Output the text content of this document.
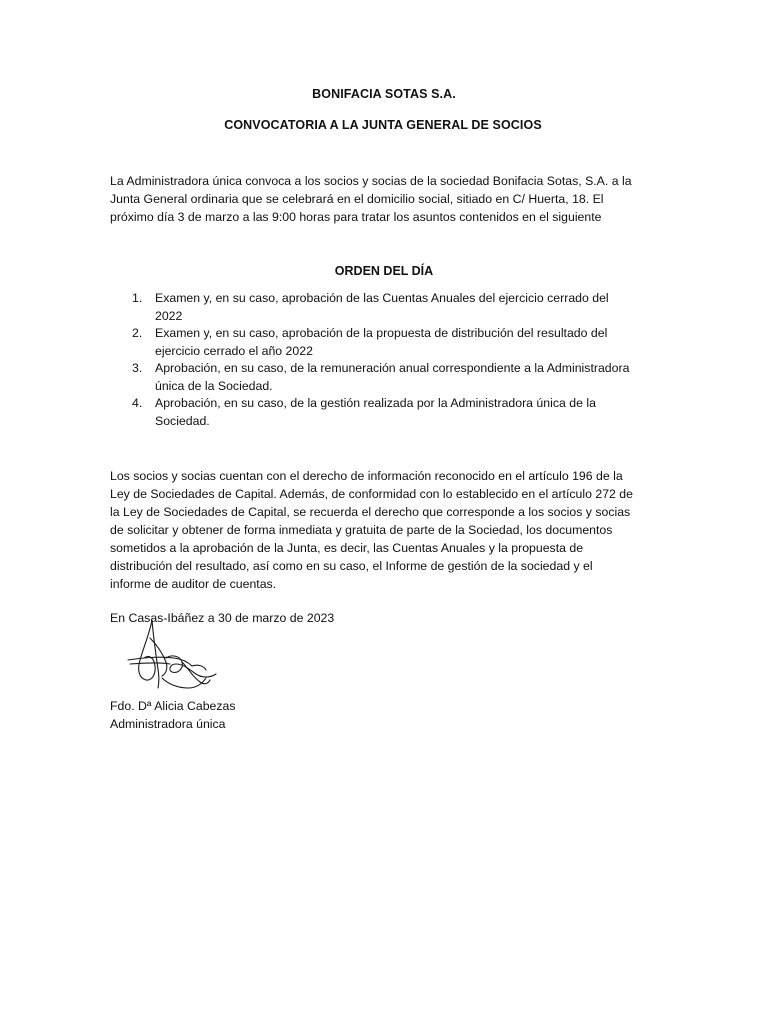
BONIFACIA SOTAS S.A.
CONVOCATORIA A LA JUNTA GENERAL DE SOCIOS

La Administradora única convoca a los socios y socias de la sociedad Bonifacia Sotas, S.A. a la
Junta General ordinaria que se celebrará en el domicilio social, sitiado en C/ Huerta, 18. El
próximo día 3 de marzo a las 9:00 horas para tratar los asuntos contenidos en el siguiente

ORDEN DEL DÍA
1. Examen y, en su caso, aprobación de las Cuentas Anuales del ejercicio cerrado del
2022
2. Examen y, en su caso, aprobación de la propuesta de distribución del resultado del
ejercicio cerrado el año 2022
3. Aprobación, en su caso, de la remuneración anual correspondiente a la Administradora
única de la Sociedad.
4. Aprobación, en su caso, de la gestión realizada por la Administradora única de la
Sociedad.

Los socios y socias cuentan con el derecho de información reconocido en el artículo 196 de la
Ley de Sociedades de Capital. Además, de conformidad con lo establecido en el artículo 272 de
la Ley de Sociedades de Capital, se recuerda el derecho que corresponde a los socios y socias
de solicitar y obtener de forma inmediata y gratuita de parte de la Sociedad, los documentos
sometidos a la aprobación de la Junta, es decir, las Cuentas Anuales y la propuesta de
distribución del resultado, así como en su caso, el Informe de gestión de la sociedad y el
informe de auditor de cuentas.

En Casas-Ibáñez a 30 de marzo de 2023
Fdo. Dª Alicia Cabezas
Administradora única
